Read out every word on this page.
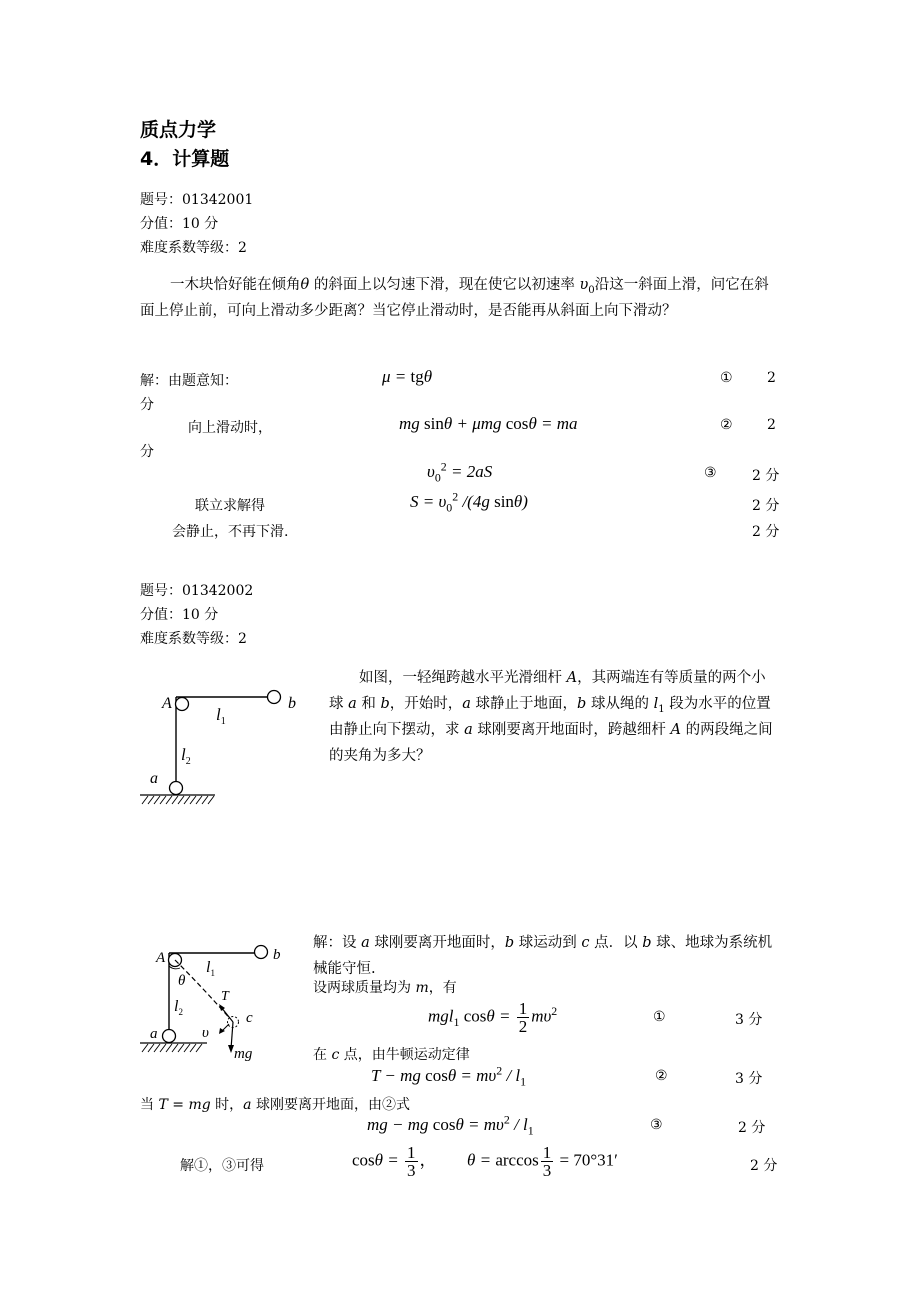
质点力学
4．计算题
题号：01342001
分值：10 分
难度系数等级：2
一木块恰好能在倾角θ 的斜面上以匀速下滑，现在使它以初速率 $\upsilon_0$沿这一斜面上滑，问它在斜面上停止前，可向上滑动多少距离？当它停止滑动时，是否能再从斜面上向下滑动？
解：由题意知：	μ = tgθ	① 2
分
向上滑动时，	mg sinθ + μmg cosθ = ma	② 2
分
$\upsilon_0^2 = 2aS$	③	2 分
联立求解得	$S = \upsilon_0^2$ /(4g sinθ)	2 分
会静止，不再下滑.	2 分
题号：01342002
分值：10 分
难度系数等级：2
A	b
$l_1$
$l_2$
a
如图，一轻绳跨越水平光滑细杆 A，其两端连有等质量的两个小球 a 和 b，开始时，a 球静止于地面，b 球从绳的 $l_1$ 段为水平的位置由静止向下摆动，求 a 球刚要离开地面时，跨越细杆 A 的两段绳之间的夹角为多大？
A	b
$l_1$
θ
$l_2$
T
c
υ
a
mg
解：设 a 球刚要离开地面时，b 球运动到 c 点．以 b 球、地球为系统机械能守恒.
设两球质量均为 m，有
mgl$_1$ $\cos\theta = \frac{1}{2} m\upsilon^2$	①	3 分
在 c 点，由牛顿运动定律
T − mg $\cos\theta = m\upsilon^2 / l_1$	②	3 分
当 T = mg 时，a 球刚要离开地面，由②式
mg − mg $\cos\theta = m\upsilon^2 / l_1$	③	2 分
解①，③可得	$\cos\theta = \frac{1}{3}$ ， $\theta = \arccos \frac{1}{3} = 70^\circ 31'$	2 分
